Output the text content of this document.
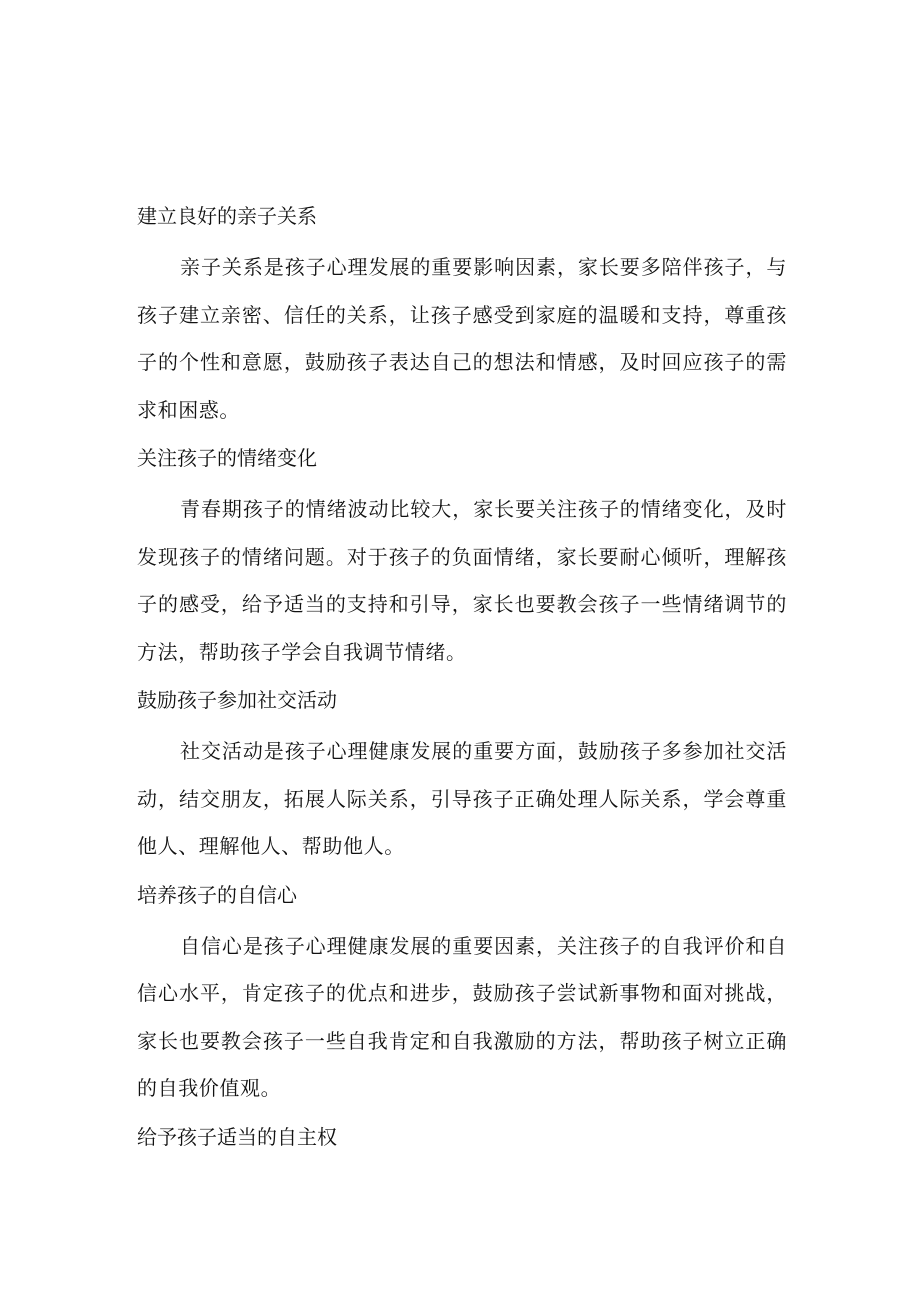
建立良好的亲子关系

亲子关系是孩子心理发展的重要影响因素，家长要多陪伴孩子，与孩子建立亲密、信任的关系，让孩子感受到家庭的温暖和支持，尊重孩子的个性和意愿，鼓励孩子表达自己的想法和情感，及时回应孩子的需求和困惑。

关注孩子的情绪变化

青春期孩子的情绪波动比较大，家长要关注孩子的情绪变化，及时发现孩子的情绪问题。对于孩子的负面情绪，家长要耐心倾听，理解孩子的感受，给予适当的支持和引导，家长也要教会孩子一些情绪调节的方法，帮助孩子学会自我调节情绪。

鼓励孩子参加社交活动

社交活动是孩子心理健康发展的重要方面，鼓励孩子多参加社交活动，结交朋友，拓展人际关系，引导孩子正确处理人际关系，学会尊重他人、理解他人、帮助他人。

培养孩子的自信心

自信心是孩子心理健康发展的重要因素，关注孩子的自我评价和自信心水平，肯定孩子的优点和进步，鼓励孩子尝试新事物和面对挑战，家长也要教会孩子一些自我肯定和自我激励的方法，帮助孩子树立正确的自我价值观。

给予孩子适当的自主权
